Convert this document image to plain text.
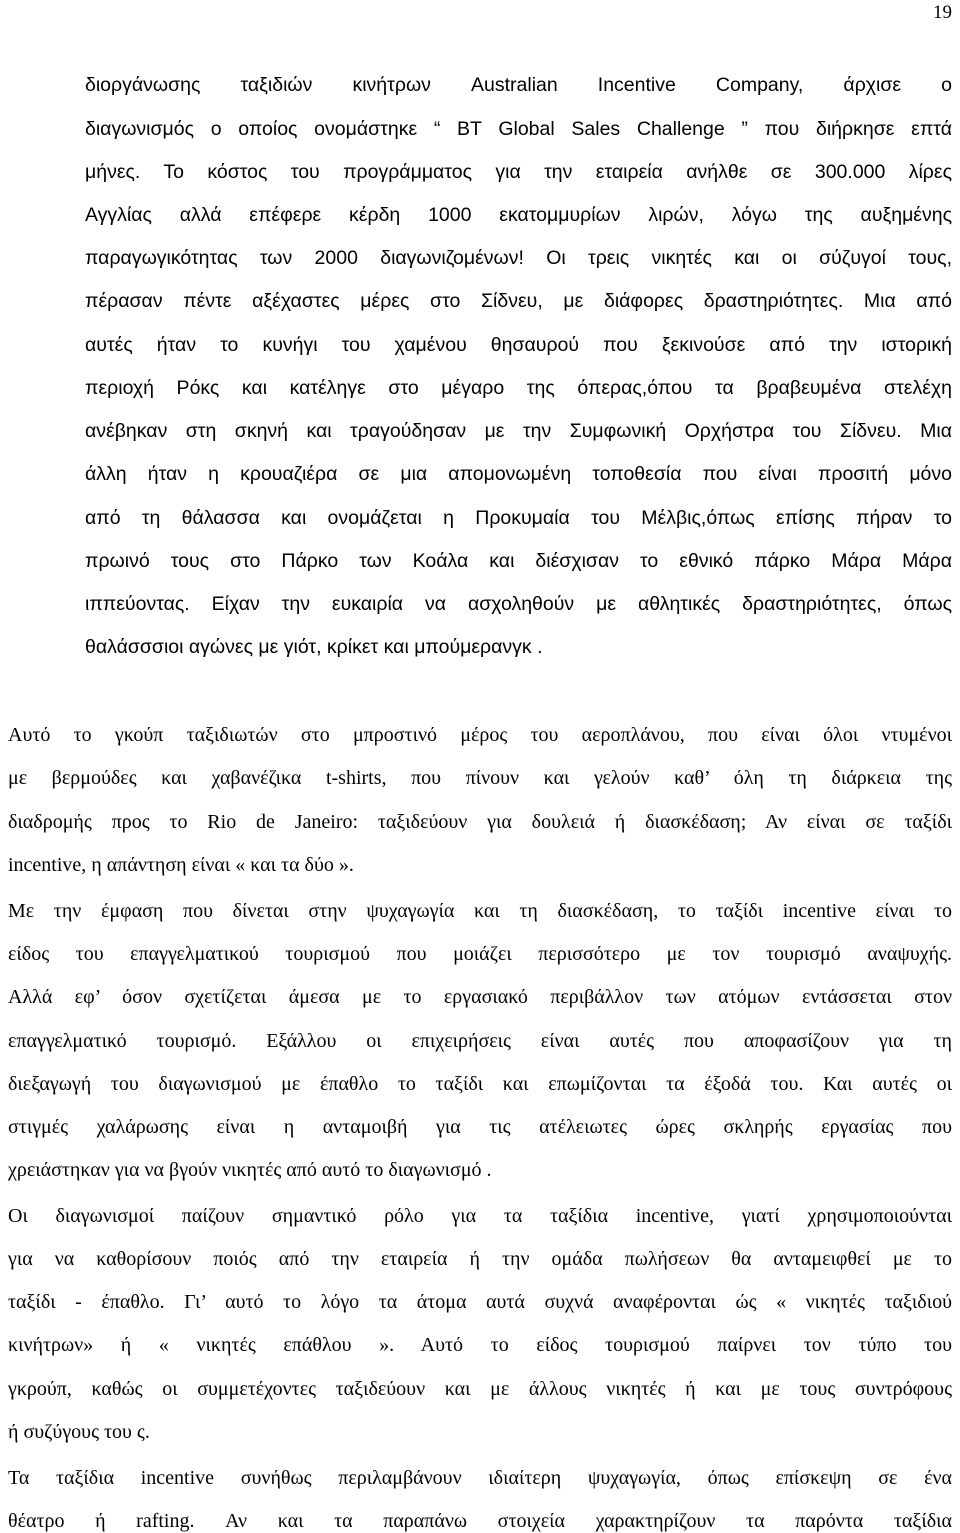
19
διοργάνωσης ταξιδιών κινήτρων Australian Incentive Company, άρχισε ο
διαγωνισμός ο οποίος ονομάστηκε “ BT Global Sales Challenge ” που διήρκησε επτά
μήνες. Το κόστος του προγράμματος για την εταιρεία ανήλθε σε 300.000 λίρες
Αγγλίας αλλά επέφερε κέρδη 1000 εκατομμυρίων λιρών, λόγω της αυξημένης
παραγωγικότητας των 2000 διαγωνιζομένων! Οι τρεις νικητές και οι σύζυγοί τους,
πέρασαν πέντε αξέχαστες μέρες στο Σίδνευ, με διάφορες δραστηριότητες. Μια από
αυτές ήταν το κυνήγι του χαμένου θησαυρού που ξεκινούσε από την ιστορική
περιοχή Ρόκς και κατέληγε στο μέγαρο της όπερας,όπου τα βραβευμένα στελέχη
ανέβηκαν στη σκηνή και τραγούδησαν με την Συμφωνική Ορχήστρα του Σίδνευ. Μια
άλλη ήταν η κρουαζιέρα σε μια απομονωμένη τοποθεσία που είναι προσιτή μόνο
από τη θάλασσα και ονομάζεται η Προκυμαία του Μέλβις,όπως επίσης πήραν το
πρωινό τους στο Πάρκο των Κοάλα και διέσχισαν το εθνικό πάρκο Μάρα Μάρα
ιππεύοντας. Είχαν την ευκαιρία να ασχοληθούν με αθλητικές δραστηριότητες, όπως
θαλάσσσιοι αγώνες με γιότ, κρίκετ και μπούμερανγκ .
Αυτό το γκούπ ταξιδιωτών στο μπροστινό μέρος του αεροπλάνου, που είναι όλοι ντυμένοι
με βερμούδες και χαβανέζικα t-shirts, που πίνουν και γελούν καθ’ όλη τη διάρκεια της
διαδρομής προς το Rio de Janeiro: ταξιδεύουν για δουλειά ή διασκέδαση; Αν είναι σε ταξίδι
incentive, η απάντηση είναι « και τα δύο ».
Με την έμφαση που δίνεται στην ψυχαγωγία και τη διασκέδαση, το ταξίδι incentive είναι το
είδος του επαγγελματικού τουρισμού που μοιάζει περισσότερο με τον τουρισμό αναψυχής.
Αλλά εφ’ όσον σχετίζεται άμεσα με το εργασιακό περιβάλλον των ατόμων εντάσσεται στον
επαγγελματικό τουρισμό. Εξάλλου οι επιχειρήσεις είναι αυτές που αποφασίζουν για τη
διεξαγωγή του διαγωνισμού με έπαθλο το ταξίδι και επωμίζονται τα έξοδά του. Και αυτές οι
στιγμές χαλάρωσης είναι η ανταμοιβή για τις ατέλειωτες ώρες σκληρής εργασίας που
χρειάστηκαν για να βγούν νικητές από αυτό το διαγωνισμό .
Οι διαγωνισμοί παίζουν σημαντικό ρόλο για τα ταξίδια incentive, γιατί χρησιμοποιούνται
για να καθορίσουν ποιός από την εταιρεία ή την ομάδα πωλήσεων θα ανταμειφθεί με το
ταξίδι - έπαθλο. Γι’ αυτό το λόγο τα άτομα αυτά συχνά αναφέρονται ώς « νικητές ταξιδιού
κινήτρων» ή « νικητές επάθλου ». Αυτό το είδος τουρισμού παίρνει τον τύπο του
γκρούπ, καθώς οι συμμετέχοντες ταξιδεύουν και με άλλους νικητές ή και με τους συντρόφους
ή συζύγους του ς.
Τα ταξίδια incentive συνήθως περιλαμβάνουν ιδιαίτερη ψυχαγωγία, όπως επίσκεψη σε ένα
θέατρο ή rafting. Αν και τα παραπάνω στοιχεία χαρακτηρίζουν τα παρόντα ταξίδια
